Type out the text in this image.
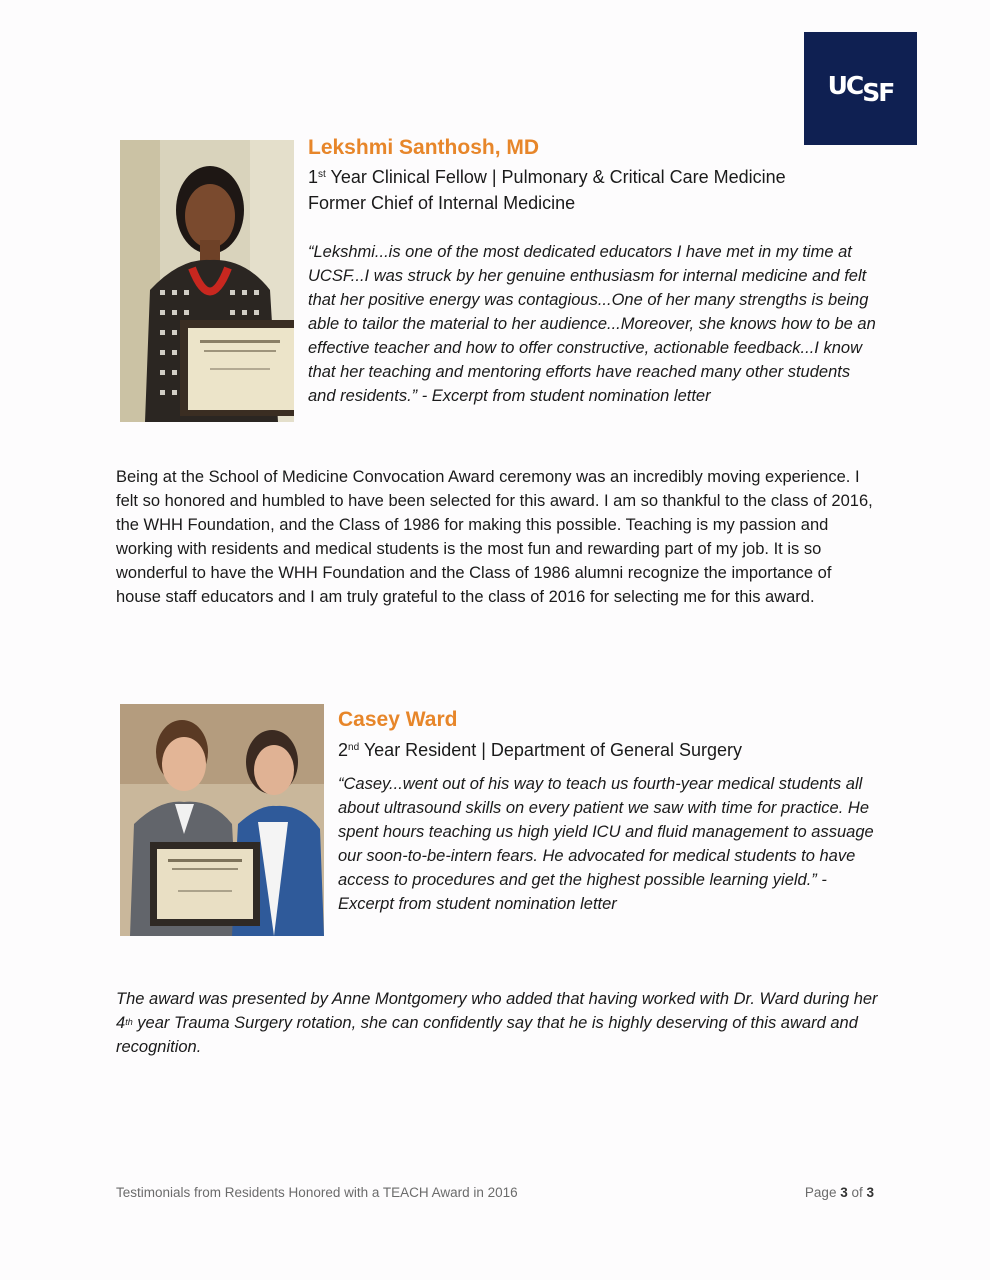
$UC_{SF}$
Lekshmi Santhosh, MD
1st Year Clinical Fellow | Pulmonary & Critical Care Medicine
Former Chief of Internal Medicine
“Lekshmi...is one of the most dedicated educators I have met in my time at UCSF...I was struck by her genuine enthusiasm for internal medicine and felt that her positive energy was contagious...One of her many strengths is being able to tailor the material to her audience...Moreover, she knows how to be an effective teacher and how to offer constructive, actionable feedback...I know that her teaching and mentoring efforts have reached many other students and residents.” - Excerpt from student nomination letter
Being at the School of Medicine Convocation Award ceremony was an incredibly moving experience. I felt so honored and humbled to have been selected for this award. I am so thankful to the class of 2016, the WHH Foundation, and the Class of 1986 for making this possible. Teaching is my passion and working with residents and medical students is the most fun and rewarding part of my job. It is so wonderful to have the WHH Foundation and the Class of 1986 alumni recognize the importance of house staff educators and I am truly grateful to the class of 2016 for selecting me for this award.
Casey Ward
2nd Year Resident | Department of General Surgery
“Casey...went out of his way to teach us fourth-year medical students all about ultrasound skills on every patient we saw with time for practice. He spent hours teaching us high yield ICU and fluid management to assuage our soon-to-be-intern fears. He advocated for medical students to have access to procedures and get the highest possible learning yield.” - Excerpt from student nomination letter
The award was presented by Anne Montgomery who added that having worked with Dr. Ward during her 4th year Trauma Surgery rotation, she can confidently say that he is highly deserving of this award and recognition.
Testimonials from Residents Honored with a TEACH Award in 2016	Page 3 of 3
